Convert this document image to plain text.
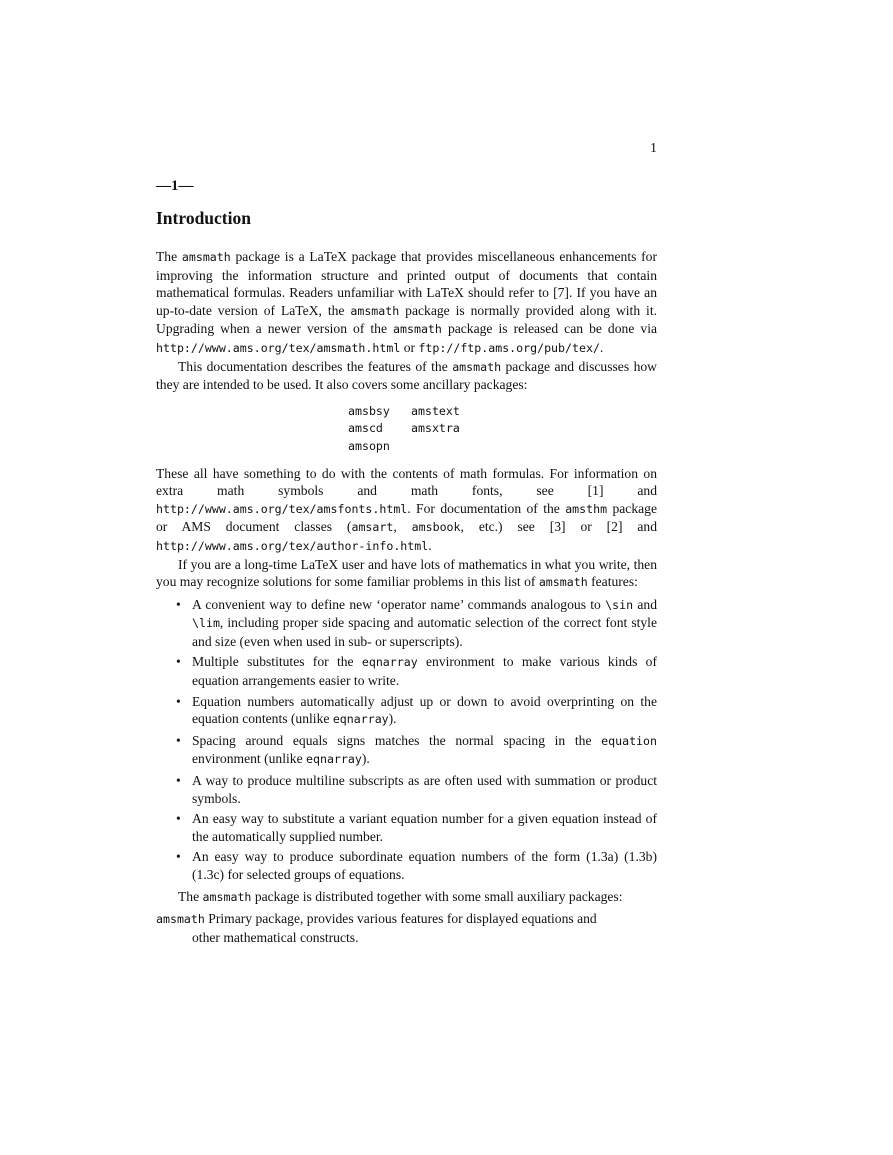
1
—1—
Introduction

The amsmath package is a LaTeX package that provides miscellaneous enhancements for improving the information structure and printed output of documents that contain mathematical formulas. Readers unfamiliar with LaTeX should refer to [7]. If you have an up-to-date version of LaTeX, the amsmath package is normally provided along with it. Upgrading when a newer version of the amsmath package is released can be done via http://www.ams.org/tex/amsmath.html or ftp://ftp.ams.org/pub/tex/.

This documentation describes the features of the amsmath package and discusses how they are intended to be used. It also covers some ancillary packages:

amsbsy	amstext
amscd	amsxtra
amsopn

These all have something to do with the contents of math formulas. For information on extra math symbols and math fonts, see [1] and http://www.ams.org/tex/amsfonts.html. For documentation of the amsthm package or AMS document classes (amsart, amsbook, etc.) see [3] or [2] and http://www.ams.org/tex/author-info.html.

If you are a long-time LaTeX user and have lots of mathematics in what you write, then you may recognize solutions for some familiar problems in this list of amsmath features:

• A convenient way to define new ‘operator name’ commands analogous to \sin and \lim, including proper side spacing and automatic selection of the correct font style and size (even when used in sub- or superscripts).
• Multiple substitutes for the eqnarray environment to make various kinds of equation arrangements easier to write.
• Equation numbers automatically adjust up or down to avoid overprinting on the equation contents (unlike eqnarray).
• Spacing around equals signs matches the normal spacing in the equation environment (unlike eqnarray).
• A way to produce multiline subscripts as are often used with summation or product symbols.
• An easy way to substitute a variant equation number for a given equation instead of the automatically supplied number.
• An easy way to produce subordinate equation numbers of the form (1.3a) (1.3b) (1.3c) for selected groups of equations.

The amsmath package is distributed together with some small auxiliary packages:

amsmath Primary package, provides various features for displayed equations and
other mathematical constructs.
